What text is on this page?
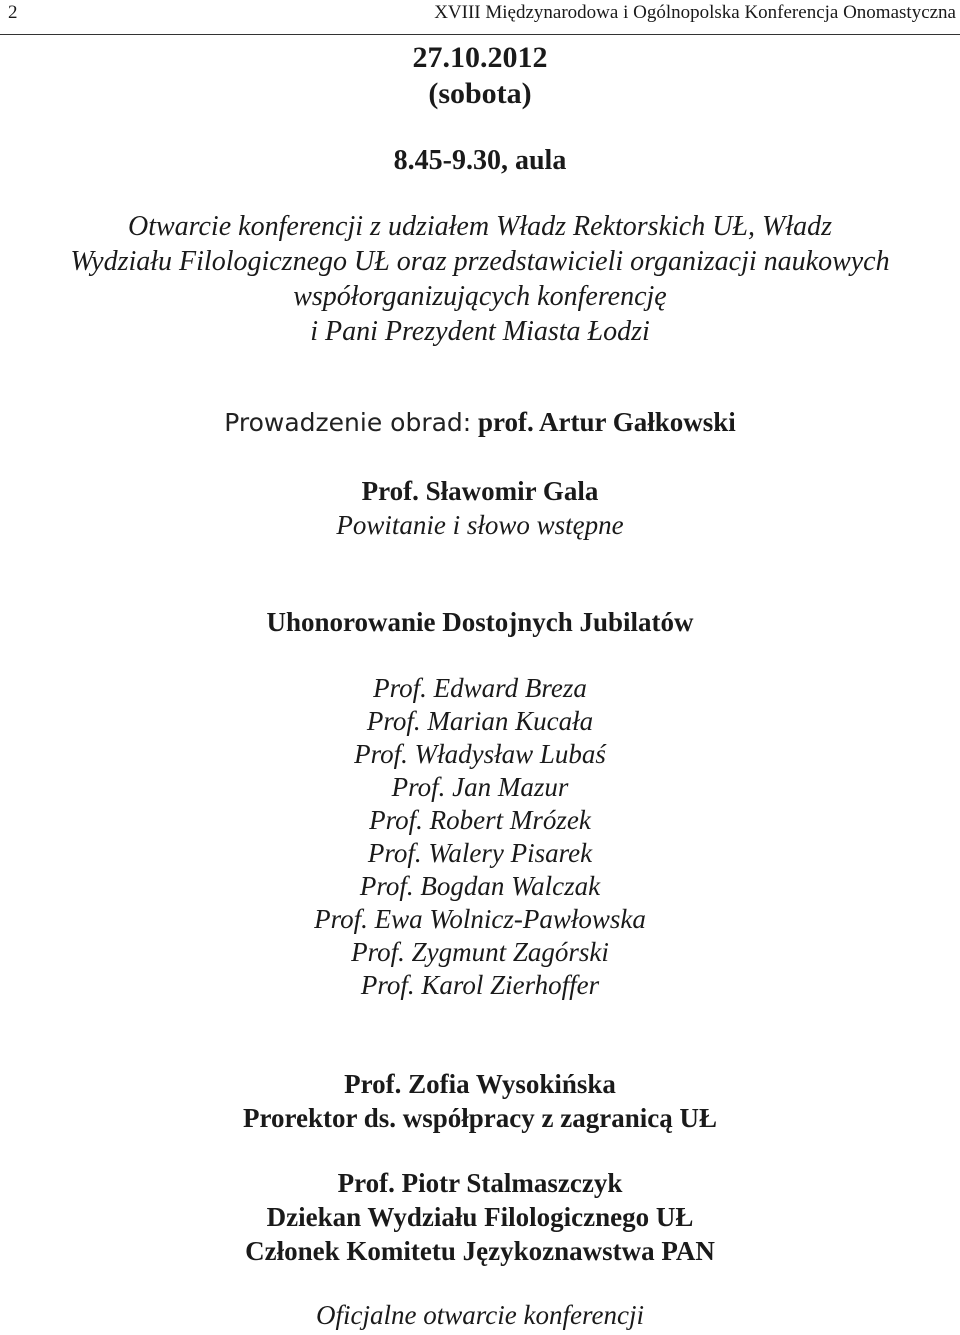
2	XVIII Międzynarodowa i Ogólnopolska Konferencja Onomastyczna
27.10.2012
(sobota)
8.45-9.30, aula
Otwarcie konferencji z udziałem Władz Rektorskich UŁ, Władz
Wydziału Filologicznego UŁ oraz przedstawicieli organizacji naukowych
współorganizujących konferencję
i Pani Prezydent Miasta Łodzi
Prowadzenie obrad: prof. Artur Gałkowski
Prof. Sławomir Gala
Powitanie i słowo wstępne
Uhonorowanie Dostojnych Jubilatów
Prof. Edward Breza
Prof. Marian Kucała
Prof. Władysław Lubaś
Prof. Jan Mazur
Prof. Robert Mrózek
Prof. Walery Pisarek
Prof. Bogdan Walczak
Prof. Ewa Wolnicz-Pawłowska
Prof. Zygmunt Zagórski
Prof. Karol Zierhoffer
Prof. Zofia Wysokińska
Prorektor ds. współpracy z zagranicą UŁ
Prof. Piotr Stalmaszczyk
Dziekan Wydziału Filologicznego UŁ
Członek Komitetu Językoznawstwa PAN
Oficjalne otwarcie konferencji
